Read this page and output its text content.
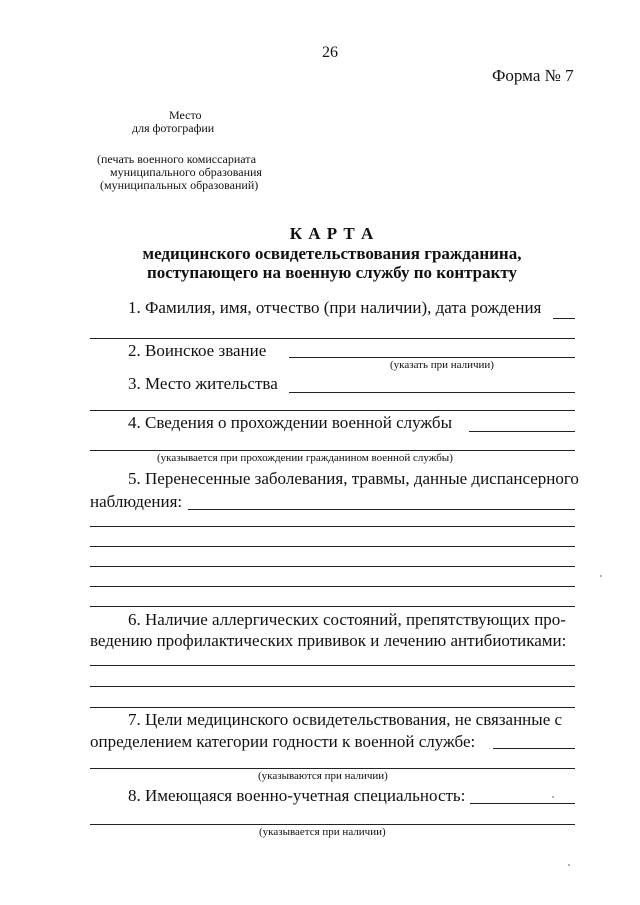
26
Форма № 7
Место
для фотографии
(печать военного комиссариата
муниципального образования
(муниципальных образований)
К А Р Т А
медицинского освидетельствования гражданина,
поступающего на военную службу по контракту
1. Фамилия, имя, отчество (при наличии), дата рождения
2. Воинское звание
(указать при наличии)
3. Место жительства
4. Сведения о прохождении военной службы
(указывается при прохождении гражданином военной службы)
5. Перенесенные заболевания, травмы, данные диспансерного
наблюдения:
6. Наличие аллергических состояний, препятствующих про-
ведению профилактических прививок и лечению антибиотиками:
7. Цели медицинского освидетельствования, не связанные с
определением категории годности к военной службе:
(указываются при наличии)
8. Имеющаяся военно-учетная специальность:
(указывается при наличии)
